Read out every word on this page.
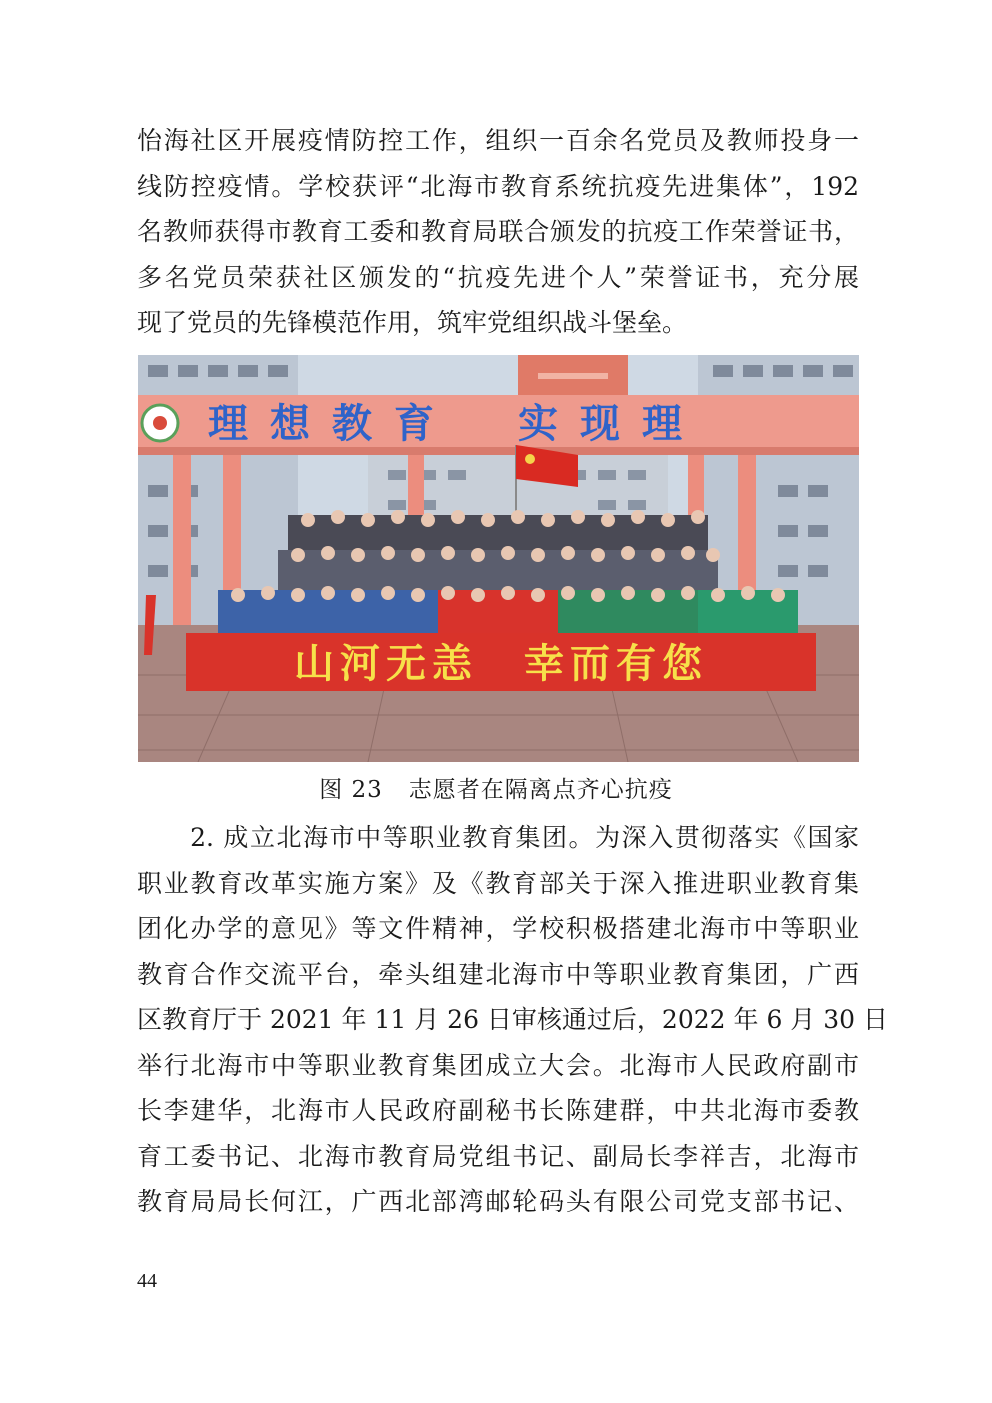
怡海社区开展疫情防控工作，组织一百余名党员及教师投身一
线防控疫情。学校获评“北海市教育系统抗疫先进集体”，192
名教师获得市教育工委和教育局联合颁发的抗疫工作荣誉证书，
多名党员荣获社区颁发的“抗疫先进个人”荣誉证书，充分展
现了党员的先锋模范作用，筑牢党组织战斗堡垒。
理想教育　实现理
山河无恙　幸而有您
图 23 志愿者在隔离点齐心抗疫
　　2. 成立北海市中等职业教育集团。为深入贯彻落实《国家
职业教育改革实施方案》及《教育部关于深入推进职业教育集
团化办学的意见》等文件精神，学校积极搭建北海市中等职业
教育合作交流平台，牵头组建北海市中等职业教育集团，广西
区教育厅于 2021 年 11 月 26 日审核通过后，2022 年 6 月 30 日
举行北海市中等职业教育集团成立大会。北海市人民政府副市
长李建华，北海市人民政府副秘书长陈建群，中共北海市委教
育工委书记、北海市教育局党组书记、副局长李祥吉，北海市
教育局局长何江，广西北部湾邮轮码头有限公司党支部书记、
44
